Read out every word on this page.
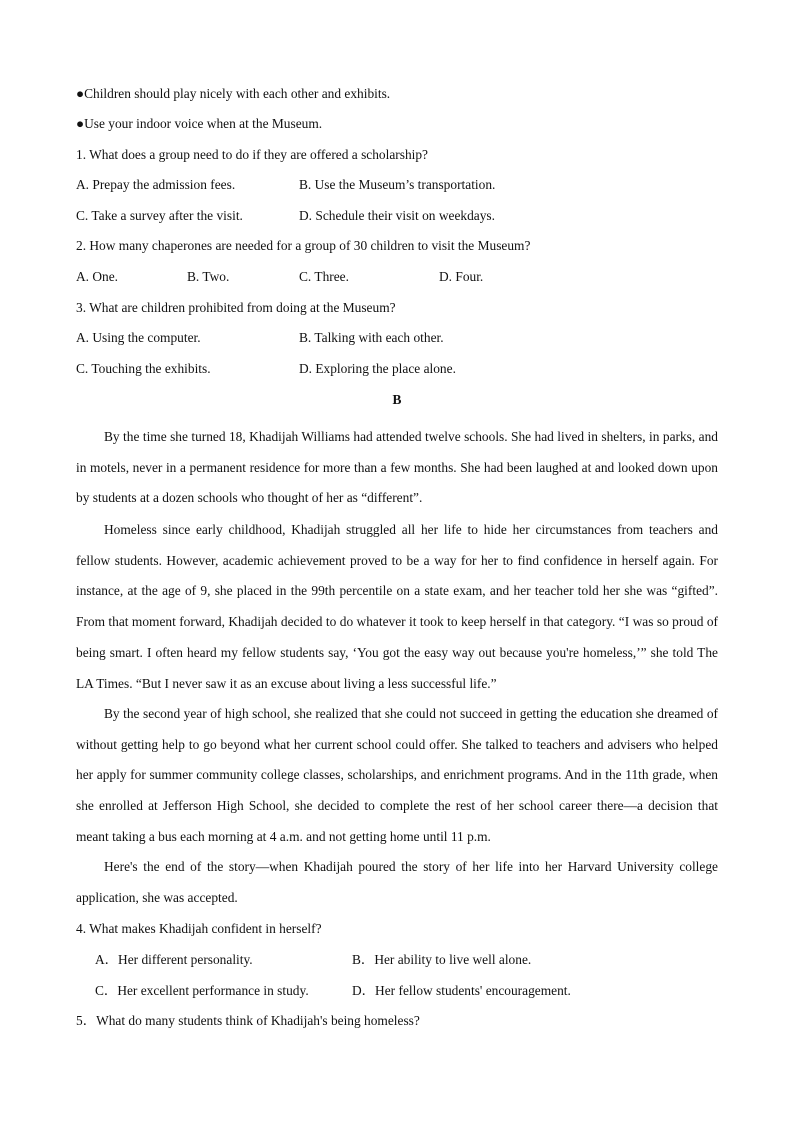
●Children should play nicely with each other and exhibits.
●Use your indoor voice when at the Museum.
1. What does a group need to do if they are offered a scholarship?
A. Prepay the admission fees.	B. Use the Museum’s transportation.
C. Take a survey after the visit.	D. Schedule their visit on weekdays.
2. How many chaperones are needed for a group of 30 children to visit the Museum?
A. One.	B. Two.	C. Three.	D. Four.
3. What are children prohibited from doing at the Museum?
A. Using the computer.	B. Talking with each other.
C. Touching the exhibits.	D. Exploring the place alone.
B

By the time she turned 18, Khadijah Williams had attended twelve schools. She had lived in shelters, in parks, and in motels, never in a permanent residence for more than a few months. She had been laughed at and looked down upon by students at a dozen schools who thought of her as “different”.

Homeless since early childhood, Khadijah struggled all her life to hide her circumstances from teachers and fellow students. However, academic achievement proved to be a way for her to find confidence in herself again. For instance, at the age of 9, she placed in the 99th percentile on a state exam, and her teacher told her she was “gifted”. From that moment forward, Khadijah decided to do whatever it took to keep herself in that category. “I was so proud of being smart. I often heard my fellow students say, ‘You got the easy way out because you're homeless,’” she told The LA Times. “But I never saw it as an excuse about living a less successful life.”

By the second year of high school, she realized that she could not succeed in getting the education she dreamed of without getting help to go beyond what her current school could offer. She talked to teachers and advisers who helped her apply for summer community college classes, scholarships, and enrichment programs. And in the 11th grade, when she enrolled at Jefferson High School, she decided to complete the rest of her school career there—a decision that meant taking a bus each morning at 4 a.m. and not getting home until 11 p.m.

Here's the end of the story—when Khadijah poured the story of her life into her Harvard University college application, she was accepted.

4. What makes Khadijah confident in herself?
A．Her different personality.	B．Her ability to live well alone.
C．Her excellent performance in study.	D．Her fellow students' encouragement.
5．What do many students think of Khadijah's being homeless?
